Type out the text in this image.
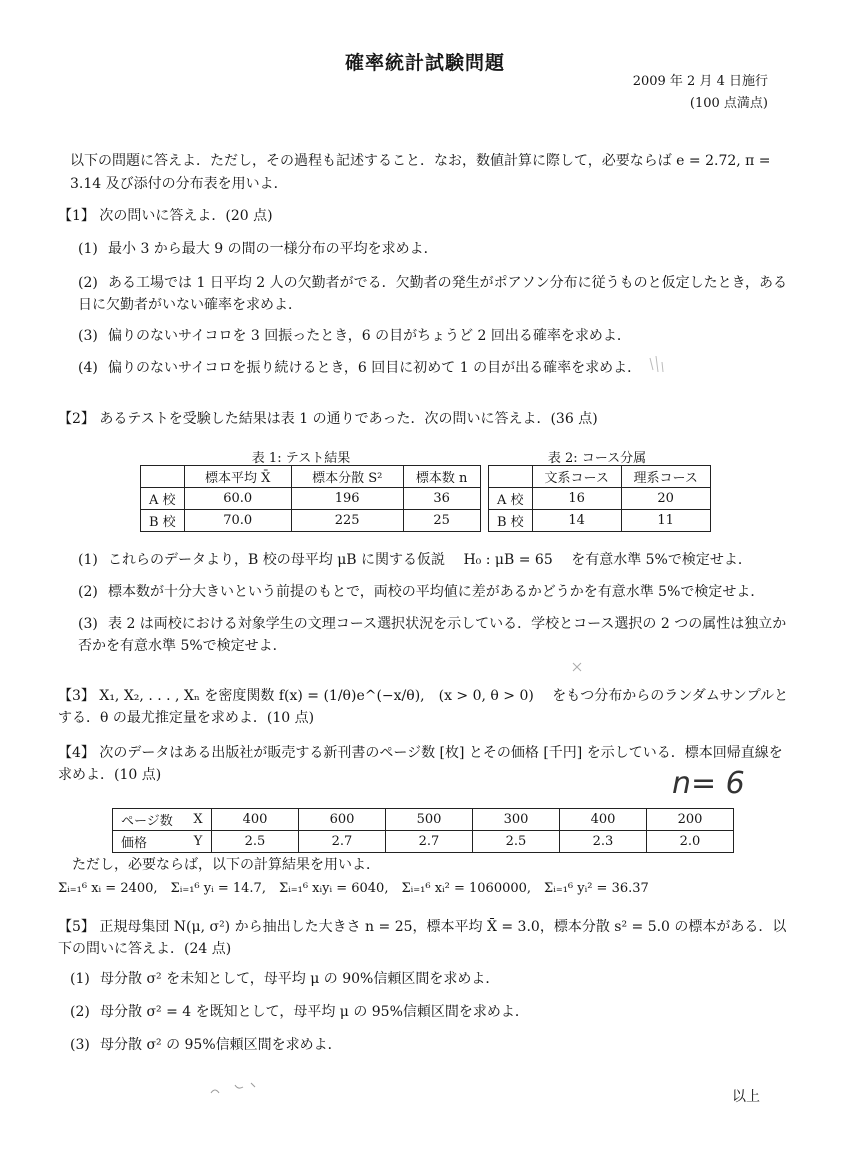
確率統計試験問題
2009 年 2 月 4 日施行
(100 点満点)
以下の問題に答えよ．ただし，その過程も記述すること．なお，数値計算に際して，必要ならば e = 2.72, π = 3.14 及び添付の分布表を用いよ．
【1】 次の問いに答えよ．(20 点)
(1) 最小 3 から最大 9 の間の一様分布の平均を求めよ．
(2) ある工場では 1 日平均 2 人の欠勤者がでる．欠勤者の発生がポアソン分布に従うものと仮定したとき，ある日に欠勤者がいない確率を求めよ．
(3) 偏りのないサイコロを 3 回振ったとき，6 の目がちょうど 2 回出る確率を求めよ．
(4) 偏りのないサイコロを振り続けるとき，6 回目に初めて 1 の目が出る確率を求めよ．
【2】 あるテストを受験した結果は表 1 の通りであった．次の問いに答えよ．(36 点)
表 1: テスト結果
	標本平均 X̄	標本分散 S²	標本数 n
A 校	60.0	196	36
B 校	70.0	225	25
表 2: コース分属
	文系コース	理系コース
A 校	16	20
B 校	14	11
(1) これらのデータより，B 校の母平均 μB に関する仮説 　H₀ : μB = 65 　を有意水準 5%で検定せよ．
(2) 標本数が十分大きいという前提のもとで，両校の平均値に差があるかどうかを有意水準 5%で検定せよ．
(3) 表 2 は両校における対象学生の文理コース選択状況を示している．学校とコース選択の 2 つの属性は独立か否かを有意水準 5%で検定せよ．
【3】 X₁, X₂, . . . , Xₙ を密度関数 f(x) = (1/θ)e^(−x/θ),　(x > 0, θ > 0) 　をもつ分布からのランダムサンプルとする．θ の最尤推定量を求めよ．(10 点)
【4】 次のデータはある出版社が販売する新刊書のページ数 [枚] とその価格 [千円] を示している．標本回帰直線を求めよ．(10 点)
ページ数	X	400	600	500	300	400	200
価格	Y	2.5	2.7	2.7	2.5	2.3	2.0
ただし，必要ならば，以下の計算結果を用いよ．
Σᵢ₌₁⁶ xᵢ = 2400,　Σᵢ₌₁⁶ yᵢ = 14.7,　Σᵢ₌₁⁶ xᵢyᵢ = 6040,　Σᵢ₌₁⁶ xᵢ² = 1060000,　Σᵢ₌₁⁶ yᵢ² = 36.37
【5】 正規母集団 N(μ, σ²) から抽出した大きさ n = 25，標本平均 X̄ = 3.0，標本分散 s² = 5.0 の標本がある．以下の問いに答えよ．(24 点)
(1) 母分散 σ² を未知として，母平均 μ の 90%信頼区間を求めよ．
(2) 母分散 σ² = 4 を既知として，母平均 μ の 95%信頼区間を求めよ．
(3) 母分散 σ² の 95%信頼区間を求めよ．
n= 6
以上
